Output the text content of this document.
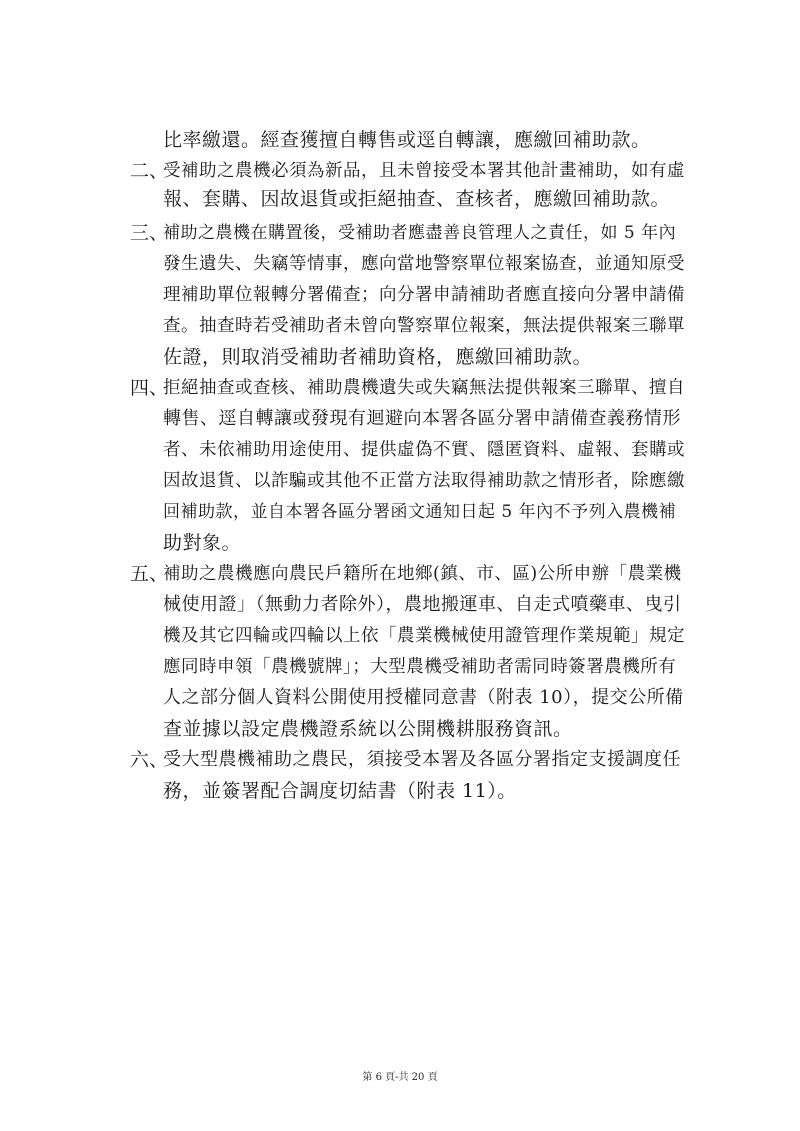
比率繳還。經查獲擅自轉售或逕自轉讓，應繳回補助款。
二、
受補助之農機必須為新品，且未曾接受本署其他計畫補助，如有虛
報、套購、因故退貨或拒絕抽查、查核者，應繳回補助款。
三、
補助之農機在購置後，受補助者應盡善良管理人之責任，如 5 年內
發生遺失、失竊等情事，應向當地警察單位報案協查，並通知原受
理補助單位報轉分署備查；向分署申請補助者應直接向分署申請備
查。抽查時若受補助者未曾向警察單位報案，無法提供報案三聯單
佐證，則取消受補助者補助資格，應繳回補助款。
四、
拒絕抽查或查核、補助農機遺失或失竊無法提供報案三聯單、擅自
轉售、逕自轉讓或發現有迴避向本署各區分署申請備查義務情形
者、未依補助用途使用、提供虛偽不實、隱匿資料、虛報、套購或
因故退貨、以詐騙或其他不正當方法取得補助款之情形者，除應繳
回補助款，並自本署各區分署函文通知日起 5 年內不予列入農機補
助對象。
五、
補助之農機應向農民戶籍所在地鄉(鎮、市、區)公所申辦「農業機
械使用證」（無動力者除外），農地搬運車、自走式噴藥車、曳引
機及其它四輪或四輪以上依「農業機械使用證管理作業規範」規定
應同時申領「農機號牌」；大型農機受補助者需同時簽署農機所有
人之部分個人資料公開使用授權同意書（附表 10），提交公所備
查並據以設定農機證系統以公開機耕服務資訊。
六、
受大型農機補助之農民，須接受本署及各區分署指定支援調度任
務，並簽署配合調度切結書（附表 11）。
第 6 頁-共 20 頁
